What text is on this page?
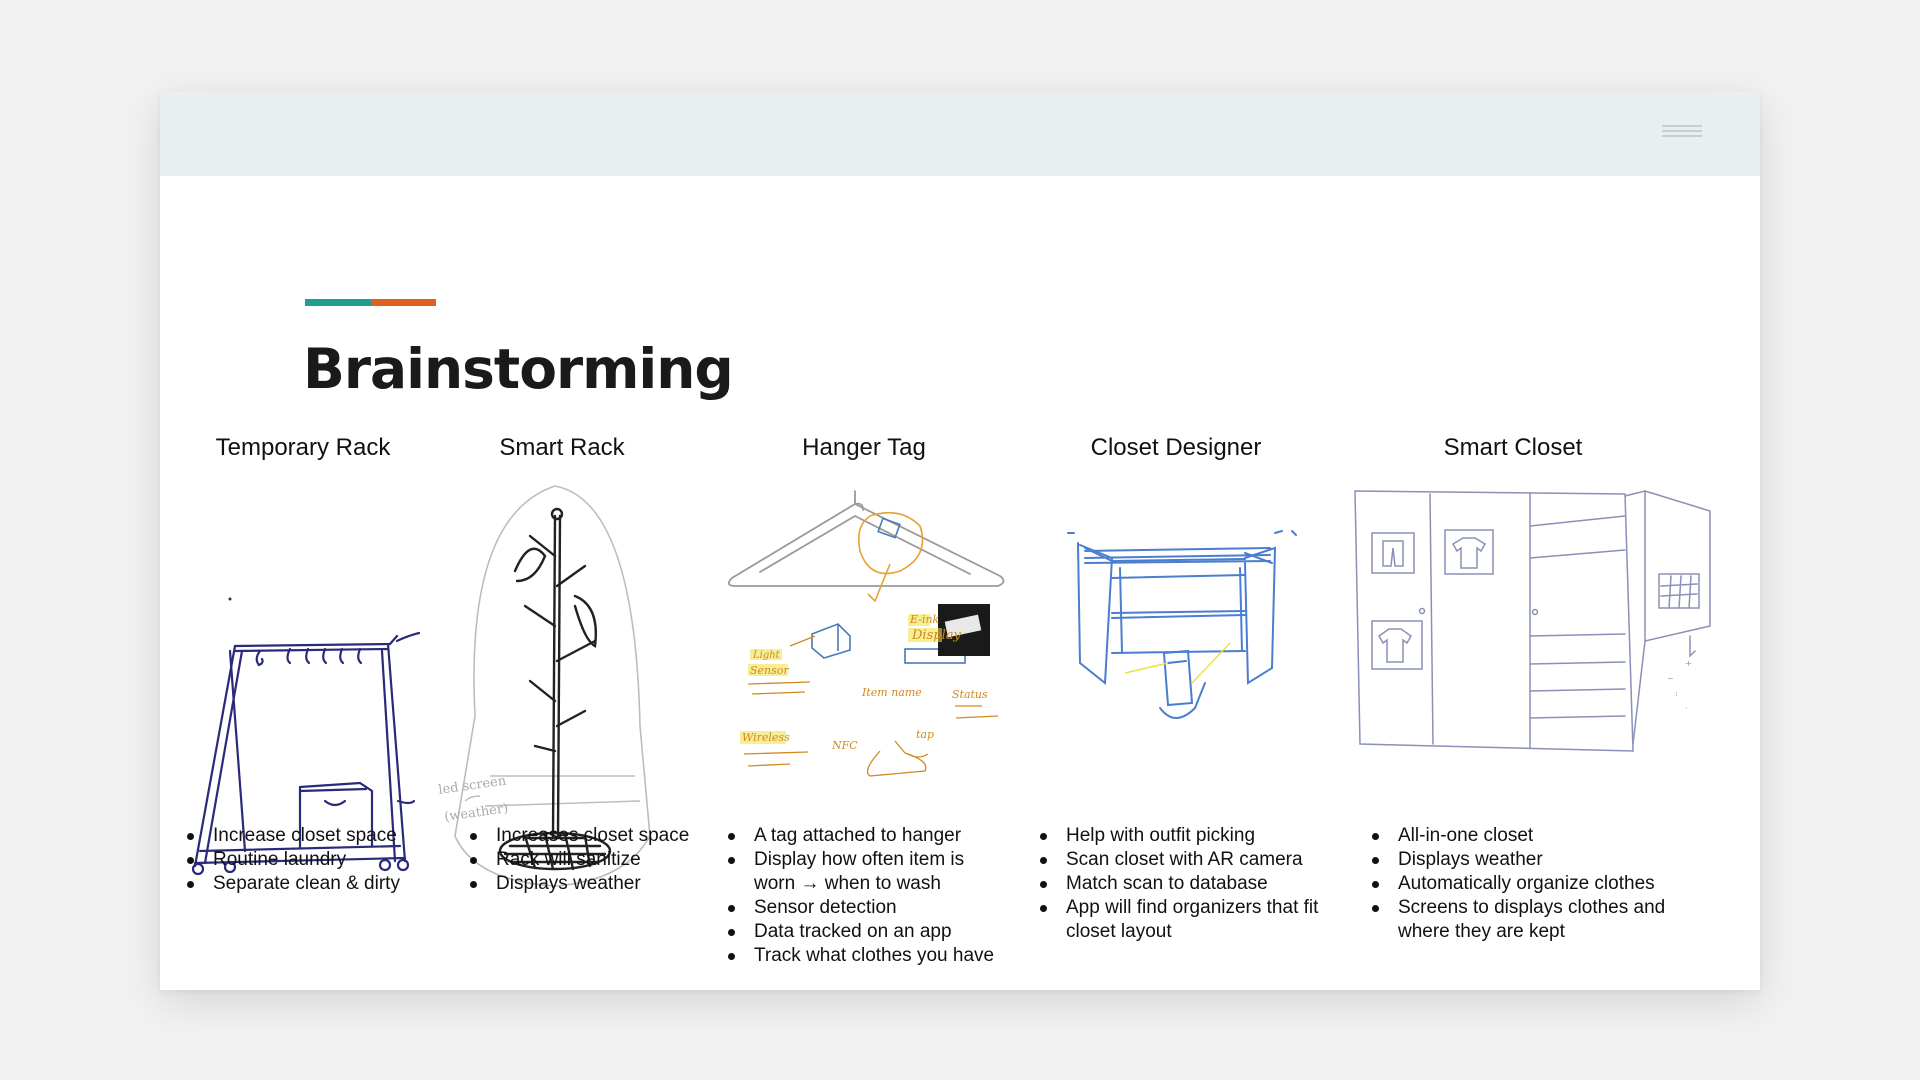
Brainstorming
Temporary Rack	Smart Rack	Hanger Tag	Closet Designer	Smart Closet
led screen
(weather)
E-ink
Display
Light
Sensor
Item name	Status
Wireless
NFC
tap
+
~
:
·
Increase closet space
Routine laundry
Separate clean & dirty
Increases closet space
Rack will sanitize
Displays weather
A tag attached to hanger
Display how often item is worn → when to wash
Sensor detection
Data tracked on an app
Track what clothes you have
Help with outfit picking
Scan closet with AR camera
Match scan to database
App will find organizers that fit closet layout
All-in-one closet
Displays weather
Automatically organize clothes
Screens to displays clothes and where they are kept
